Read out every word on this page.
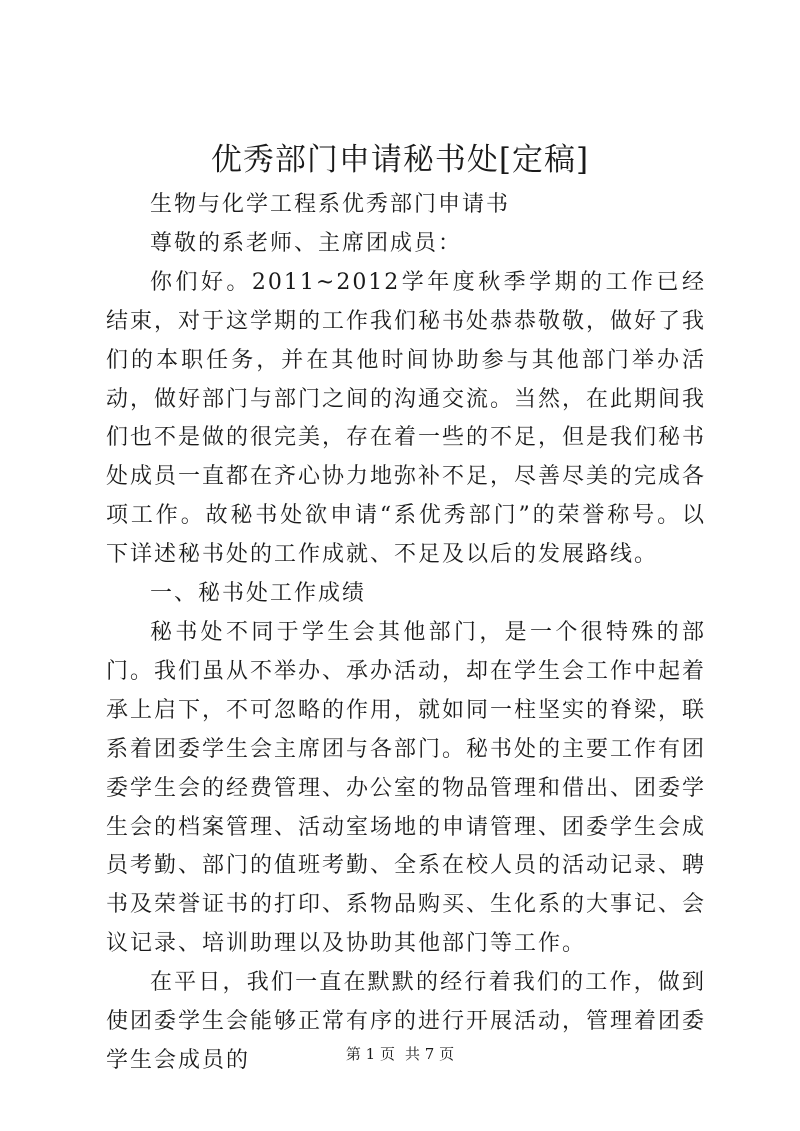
优秀部门申请秘书处[定稿]

生物与化学工程系优秀部门申请书

尊敬的系老师、主席团成员：

你们好。2011~2012学年度秋季学期的工作已经结束，对于这学期的工作我们秘书处恭恭敬敬，做好了我们的本职任务，并在其他时间协助参与其他部门举办活动，做好部门与部门之间的沟通交流。当然，在此期间我们也不是做的很完美，存在着一些的不足，但是我们秘书处成员一直都在齐心协力地弥补不足，尽善尽美的完成各项工作。故秘书处欲申请“系优秀部门”的荣誉称号。以下详述秘书处的工作成就、不足及以后的发展路线。

一、秘书处工作成绩

秘书处不同于学生会其他部门，是一个很特殊的部门。我们虽从不举办、承办活动，却在学生会工作中起着承上启下，不可忽略的作用，就如同一柱坚实的脊梁，联系着团委学生会主席团与各部门。秘书处的主要工作有团委学生会的经费管理、办公室的物品管理和借出、团委学生会的档案管理、活动室场地的申请管理、团委学生会成员考勤、部门的值班考勤、全系在校人员的活动记录、聘书及荣誉证书的打印、系物品购买、生化系的大事记、会议记录、培训助理以及协助其他部门等工作。

在平日，我们一直在默默的经行着我们的工作，做到使团委学生会能够正常有序的进行开展活动，管理着团委学生会成员的	第 1 页 共 7 页
